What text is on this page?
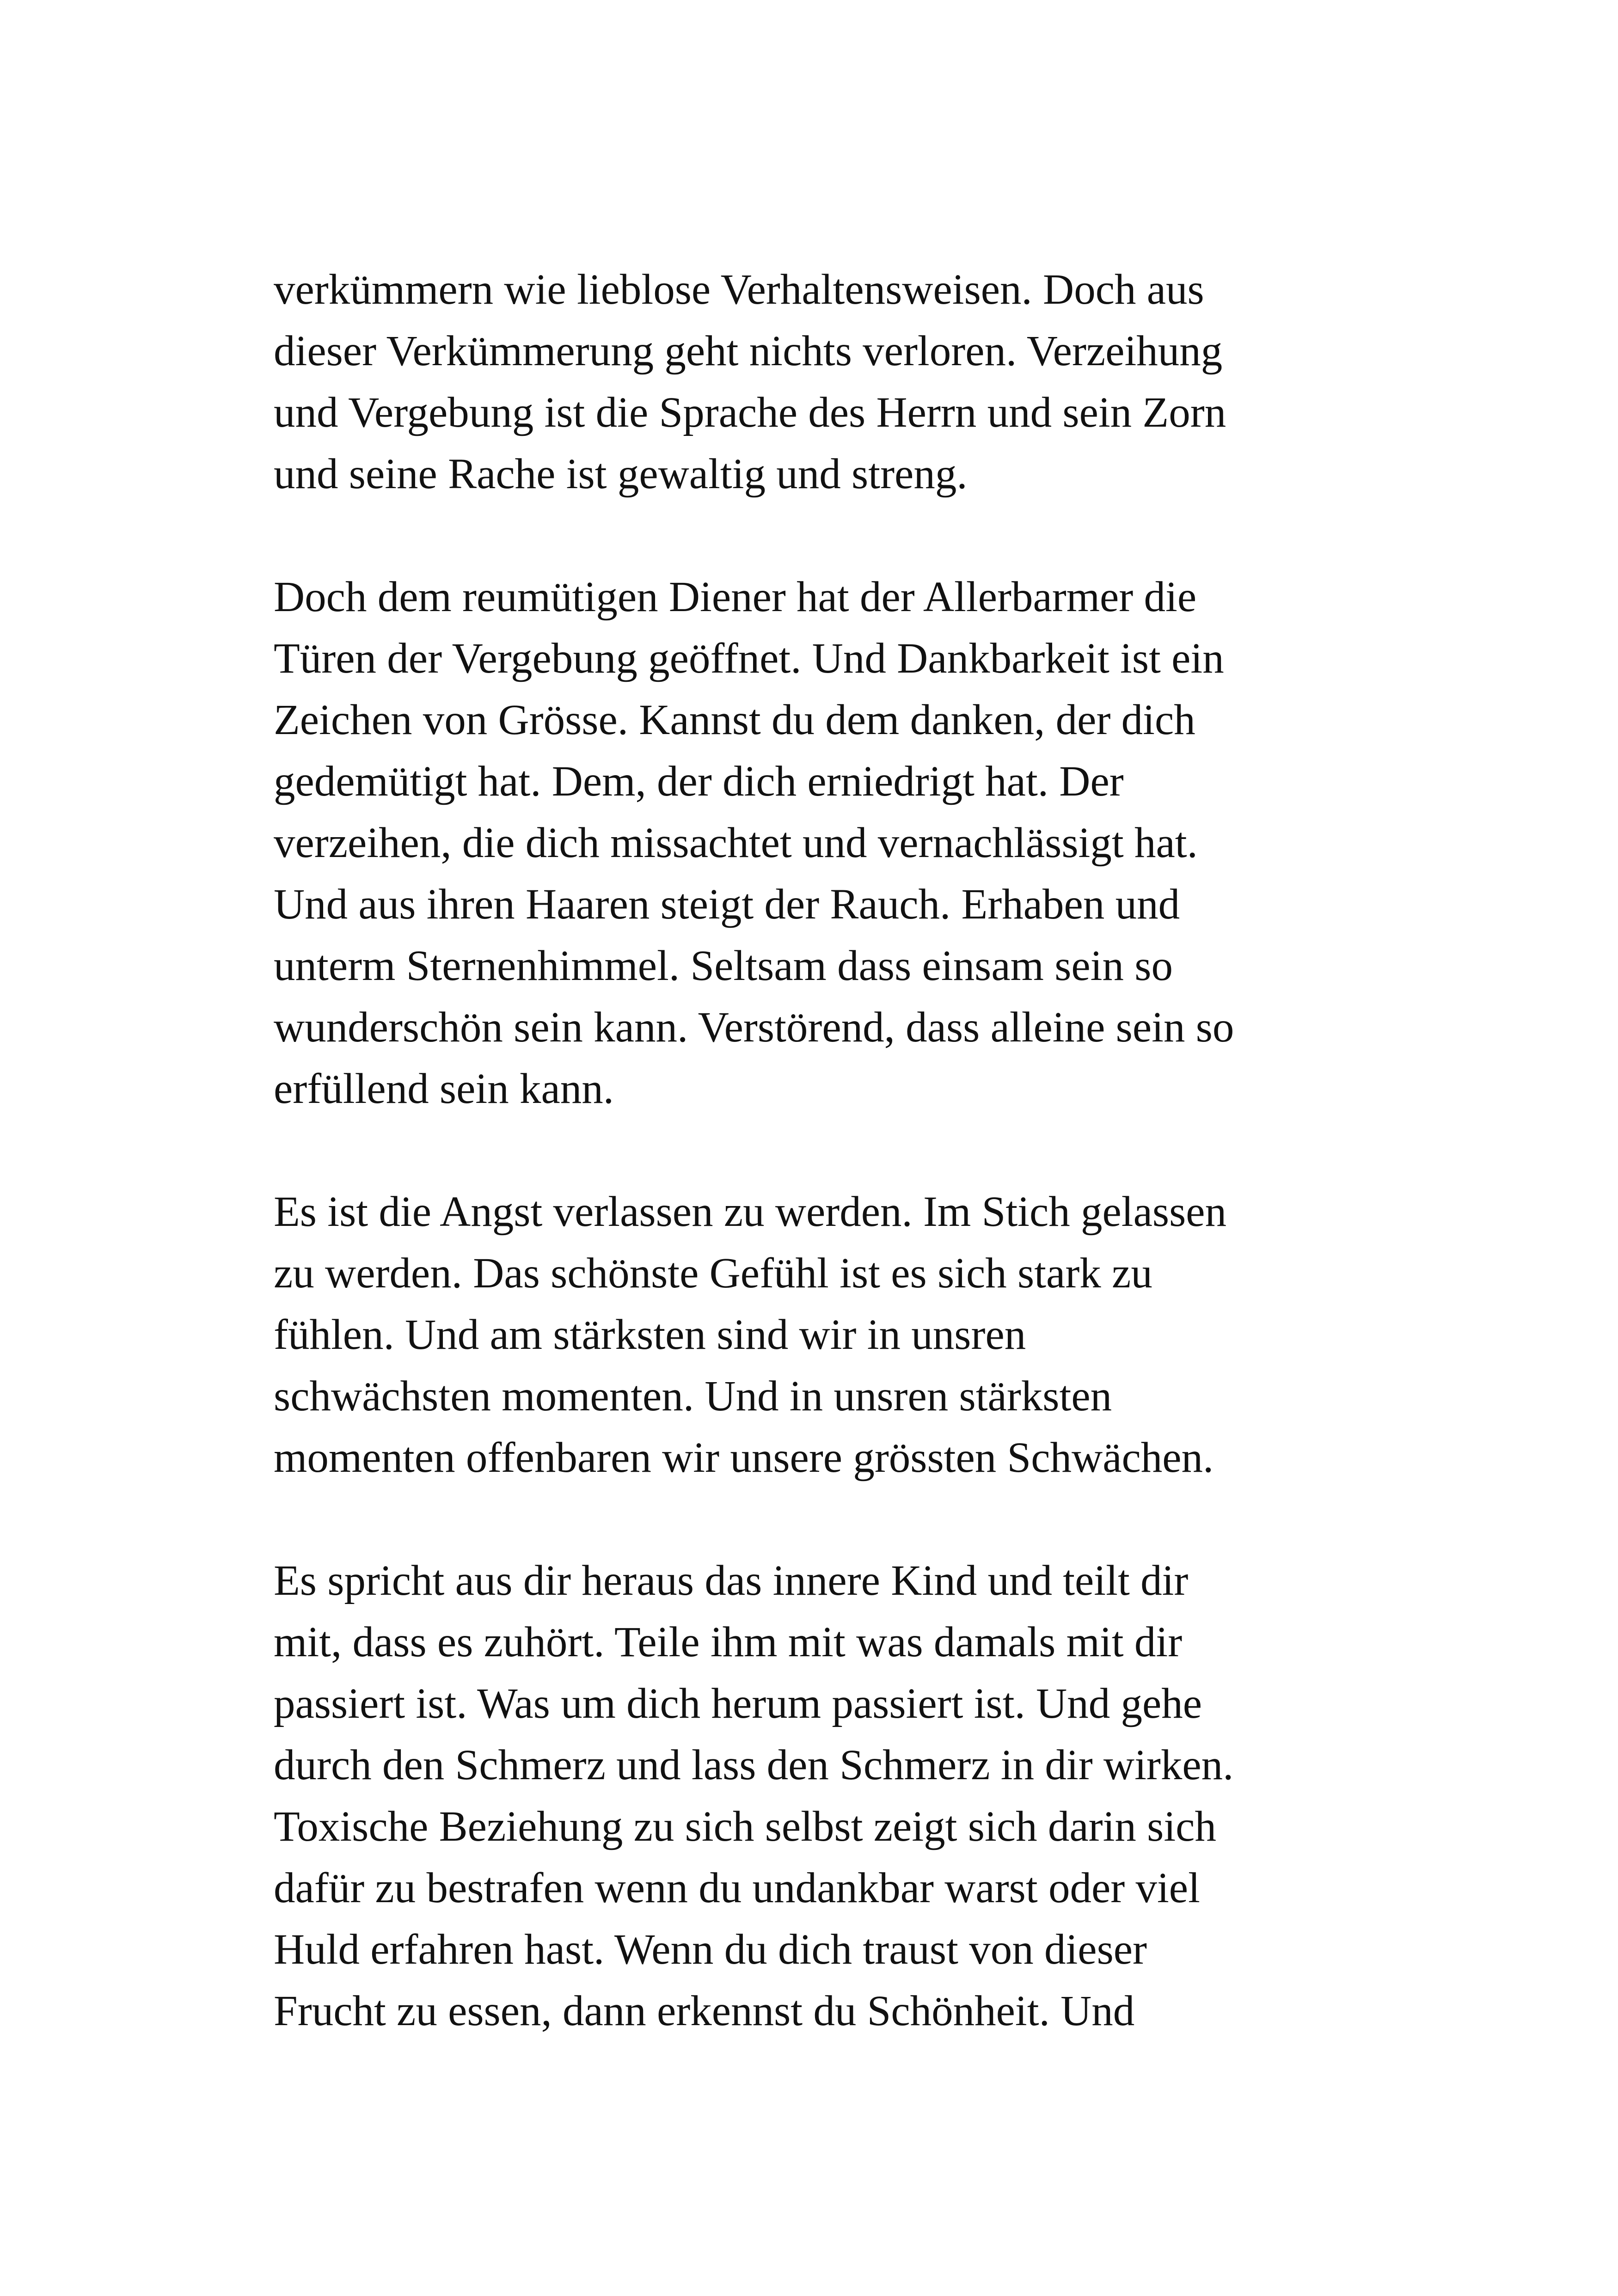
verkümmern wie lieblose Verhaltensweisen. Doch aus
dieser Verkümmerung geht nichts verloren. Verzeihung
und Vergebung ist die Sprache des Herrn und sein Zorn
und seine Rache ist gewaltig und streng.
Doch dem reumütigen Diener hat der Allerbarmer die
Türen der Vergebung geöffnet. Und Dankbarkeit ist ein
Zeichen von Grösse. Kannst du dem danken, der dich
gedemütigt hat. Dem, der dich erniedrigt hat. Der
verzeihen, die dich missachtet und vernachlässigt hat.
Und aus ihren Haaren steigt der Rauch. Erhaben und
unterm Sternenhimmel. Seltsam dass einsam sein so
wunderschön sein kann. Verstörend, dass alleine sein so
erfüllend sein kann.
Es ist die Angst verlassen zu werden. Im Stich gelassen
zu werden. Das schönste Gefühl ist es sich stark zu
fühlen. Und am stärksten sind wir in unsren
schwächsten momenten. Und in unsren stärksten
momenten offenbaren wir unsere grössten Schwächen.
Es spricht aus dir heraus das innere Kind und teilt dir
mit, dass es zuhört. Teile ihm mit was damals mit dir
passiert ist. Was um dich herum passiert ist. Und gehe
durch den Schmerz und lass den Schmerz in dir wirken.
Toxische Beziehung zu sich selbst zeigt sich darin sich
dafür zu bestrafen wenn du undankbar warst oder viel
Huld erfahren hast. Wenn du dich traust von dieser
Frucht zu essen, dann erkennst du Schönheit. Und
